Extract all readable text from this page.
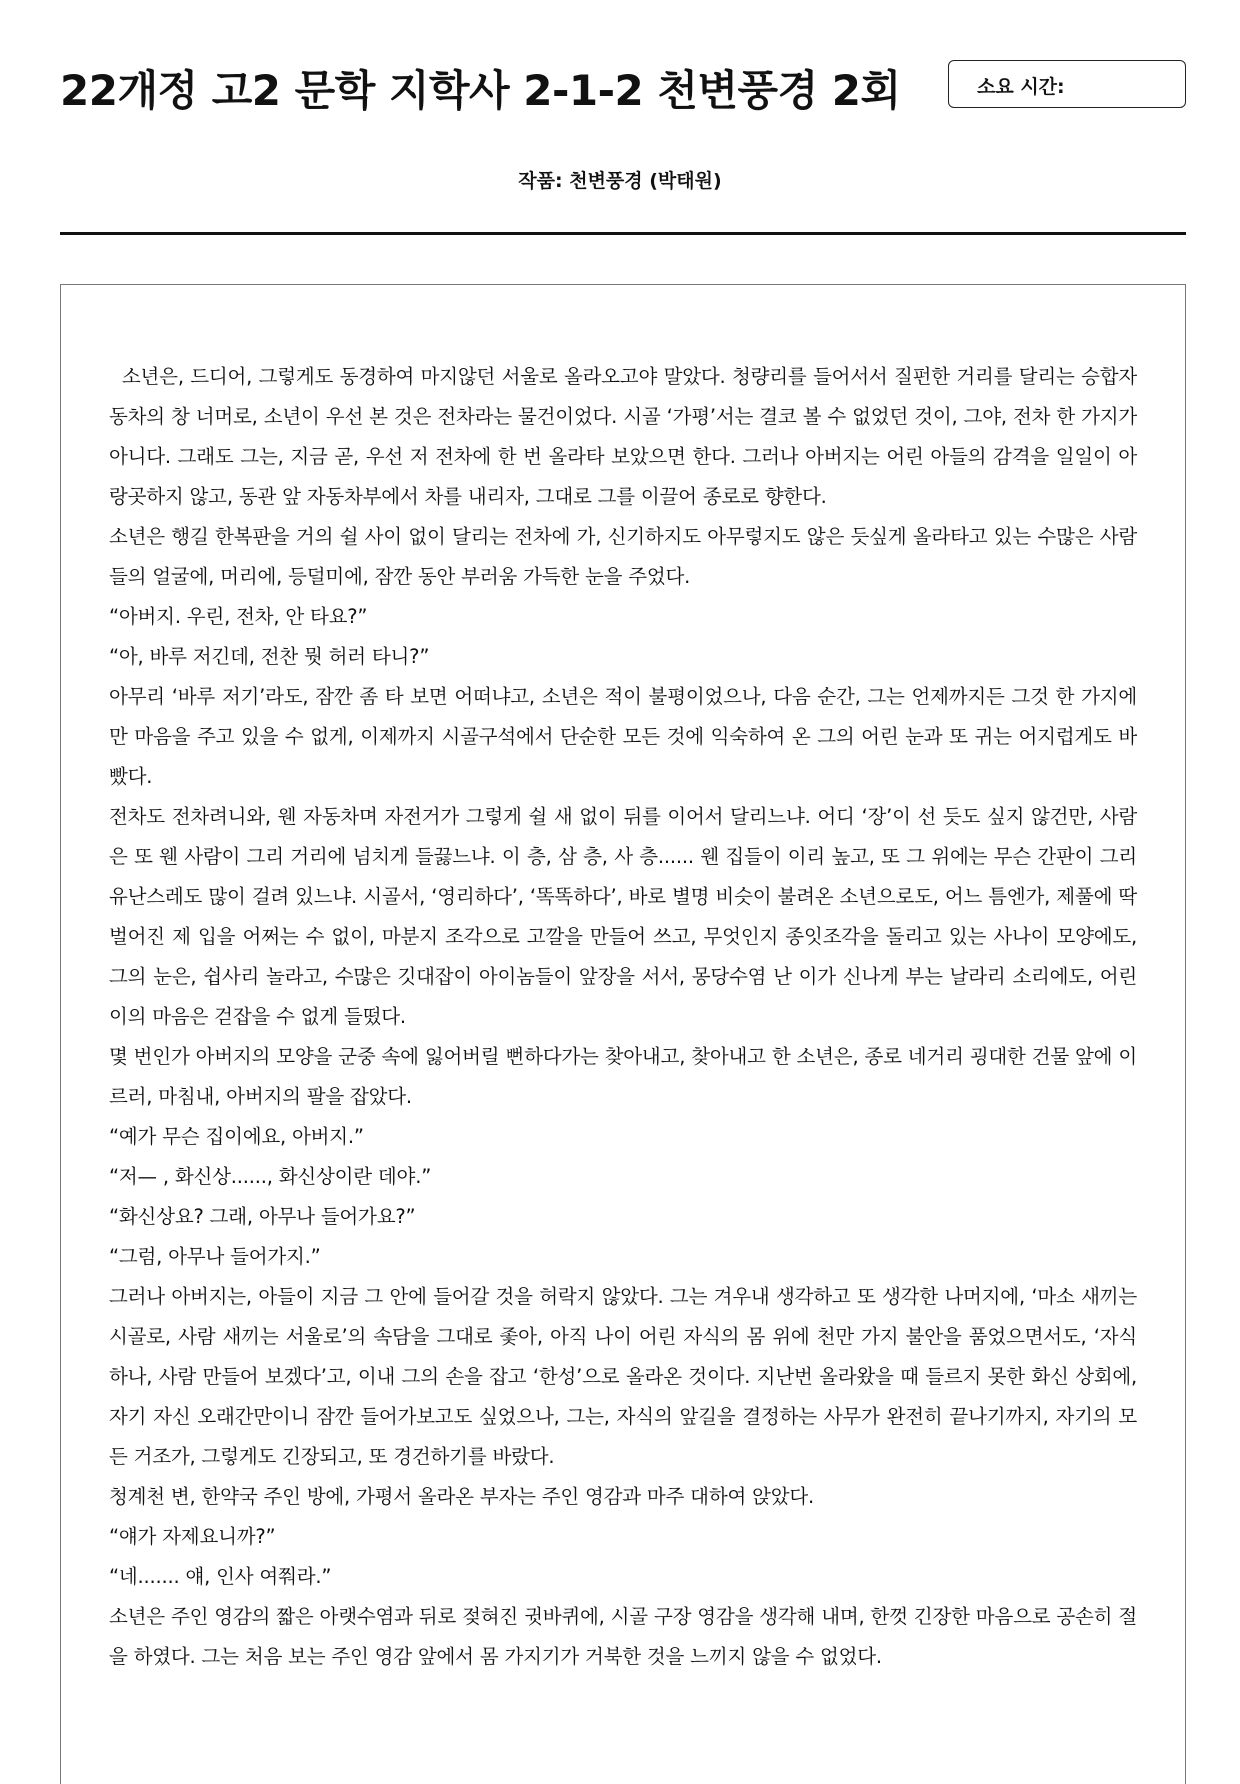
22개정 고2 문학 지학사 2-1-2 천변풍경 2회	소요 시간:
작품: 천변풍경 (박태원)

소년은, 드디어, 그렇게도 동경하여 마지않던 서울로 올라오고야 말았다. 청량리를 들어서서 질펀한 거리를 달리는 승합자동차의 창 너머로, 소년이 우선 본 것은 전차라는 물건이었다. 시골 ‘가평’서는 결코 볼 수 없었던 것이, 그야, 전차 한 가지가 아니다. 그래도 그는, 지금 곧, 우선 저 전차에 한 번 올라타 보았으면 한다. 그러나 아버지는 어린 아들의 감격을 일일이 아랑곳하지 않고, 동관 앞 자동차부에서 차를 내리자, 그대로 그를 이끌어 종로로 향한다.

소년은 행길 한복판을 거의 쉴 사이 없이 달리는 전차에 가, 신기하지도 아무렇지도 않은 듯싶게 올라타고 있는 수많은 사람들의 얼굴에, 머리에, 등덜미에, 잠깐 동안 부러움 가득한 눈을 주었다.

“아버지. 우린, 전차, 안 타요?”

“아, 바루 저긴데, 전찬 뭣 허러 타니?”

아무리 ‘바루 저기’라도, 잠깐 좀 타 보면 어떠냐고, 소년은 적이 불평이었으나, 다음 순간, 그는 언제까지든 그것 한 가지에만 마음을 주고 있을 수 없게, 이제까지 시골구석에서 단순한 모든 것에 익숙하여 온 그의 어린 눈과 또 귀는 어지럽게도 바빴다.

전차도 전차려니와, 웬 자동차며 자전거가 그렇게 쉴 새 없이 뒤를 이어서 달리느냐. 어디 ‘장’이 선 듯도 싶지 않건만, 사람은 또 웬 사람이 그리 거리에 넘치게 들끓느냐. 이 층, 삼 층, 사 층...... 웬 집들이 이리 높고, 또 그 위에는 무슨 간판이 그리 유난스레도 많이 걸려 있느냐. 시골서, ‘영리하다’, ‘똑똑하다’, 바로 별명 비슷이 불려온 소년으로도, 어느 틈엔가, 제풀에 딱 벌어진 제 입을 어쩌는 수 없이, 마분지 조각으로 고깔을 만들어 쓰고, 무엇인지 종잇조각을 돌리고 있는 사나이 모양에도, 그의 눈은, 쉽사리 놀라고, 수많은 깃대잡이 아이놈들이 앞장을 서서, 몽당수염 난 이가 신나게 부는 날라리 소리에도, 어린이의 마음은 걷잡을 수 없게 들떴다.

몇 번인가 아버지의 모양을 군중 속에 잃어버릴 뻔하다가는 찾아내고, 찾아내고 한 소년은, 종로 네거리 굉대한 건물 앞에 이르러, 마침내, 아버지의 팔을 잡았다.

“예가 무슨 집이에요, 아버지.”

“저— , 화신상......, 화신상이란 데야.”

“화신상요? 그래, 아무나 들어가요?”

“그럼, 아무나 들어가지.”

그러나 아버지는, 아들이 지금 그 안에 들어갈 것을 허락지 않았다. 그는 겨우내 생각하고 또 생각한 나머지에, ‘마소 새끼는 시골로, 사람 새끼는 서울로’의 속담을 그대로 좇아, 아직 나이 어린 자식의 몸 위에 천만 가지 불안을 품었으면서도, ‘자식 하나, 사람 만들어 보겠다’고, 이내 그의 손을 잡고 ‘한성’으로 올라온 것이다. 지난번 올라왔을 때 들르지 못한 화신 상회에, 자기 자신 오래간만이니 잠깐 들어가보고도 싶었으나, 그는, 자식의 앞길을 결정하는 사무가 완전히 끝나기까지, 자기의 모든 거조가, 그렇게도 긴장되고, 또 경건하기를 바랐다.

청계천 변, 한약국 주인 방에, 가평서 올라온 부자는 주인 영감과 마주 대하여 앉았다.

“얘가 자제요니까?”

“네....... 얘, 인사 여쭤라.”

소년은 주인 영감의 짧은 아랫수염과 뒤로 젖혀진 귓바퀴에, 시골 구장 영감을 생각해 내며, 한껏 긴장한 마음으로 공손히 절을 하였다. 그는 처음 보는 주인 영감 앞에서 몸 가지기가 거북한 것을 느끼지 않을 수 없었다.
